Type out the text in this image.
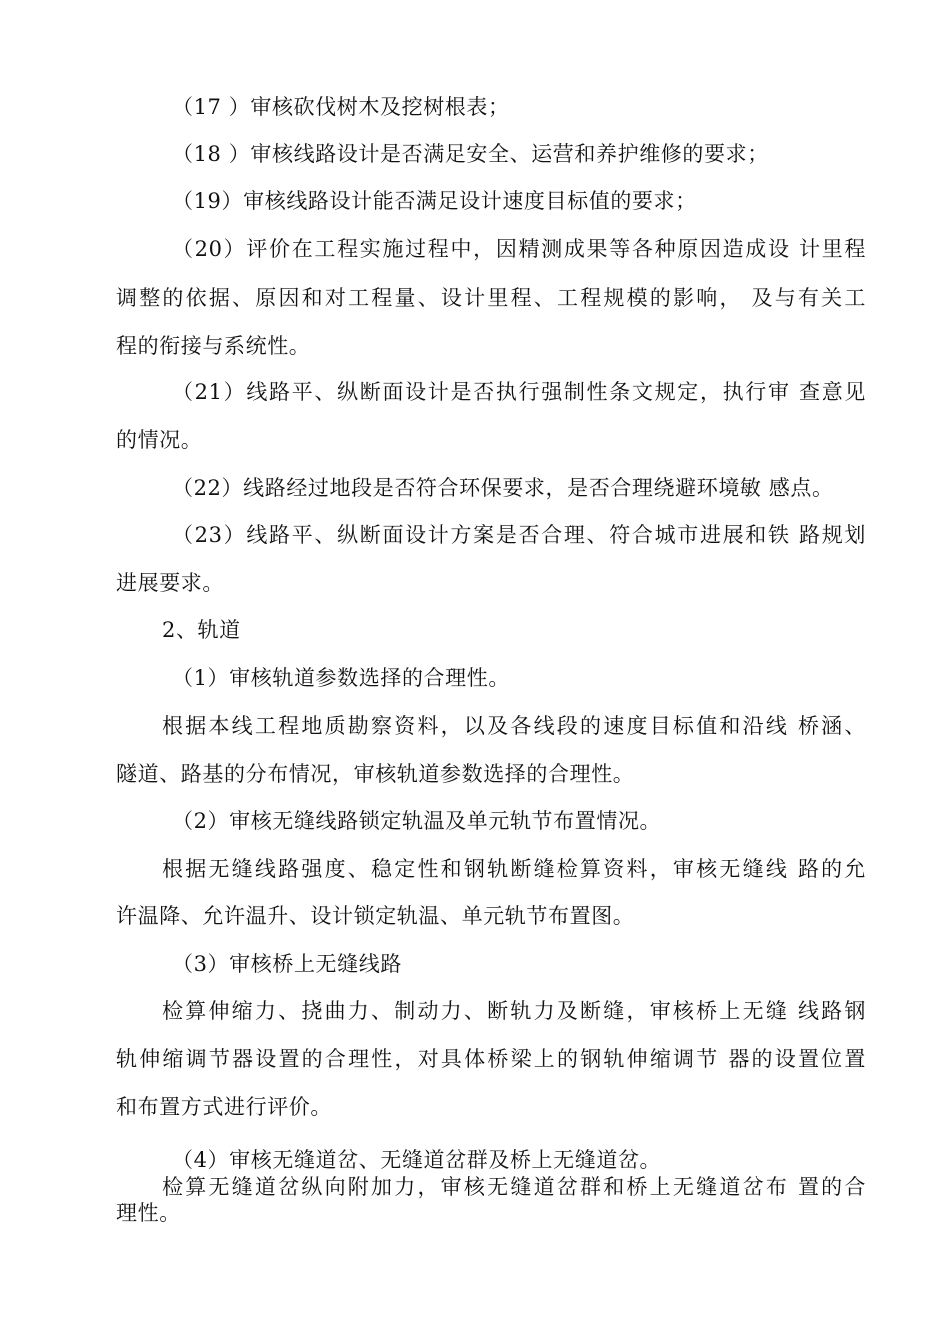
（17 ）审核砍伐树木及挖树根表；
（18 ）审核线路设计是否满足安全、运营和养护维修的要求；
（19）审核线路设计能否满足设计速度目标值的要求；
（20）评价在工程实施过程中，因精测成果等各种原因造成设 计里程
调整的依据、原因和对工程量、设计里程、工程规模的影响， 及与有关工
程的衔接与系统性。
（21）线路平、纵断面设计是否执行强制性条文规定，执行审 查意见
的情况。
（22）线路经过地段是否符合环保要求，是否合理绕避环境敏 感点。
（23）线路平、纵断面设计方案是否合理、符合城市进展和铁 路规划
进展要求。
2、轨道
（1）审核轨道参数选择的合理性。
根据本线工程地质勘察资料，以及各线段的速度目标值和沿线 桥涵、
隧道、路基的分布情况，审核轨道参数选择的合理性。
（2）审核无缝线路锁定轨温及单元轨节布置情况。
根据无缝线路强度、稳定性和钢轨断缝检算资料，审核无缝线 路的允
许温降、允许温升、设计锁定轨温、单元轨节布置图。
（3）审核桥上无缝线路
检算伸缩力、挠曲力、制动力、断轨力及断缝，审核桥上无缝 线路钢
轨伸缩调节器设置的合理性，对具体桥梁上的钢轨伸缩调节 器的设置位置
和布置方式进行评价。
（4）审核无缝道岔、无缝道岔群及桥上无缝道岔。
检算无缝道岔纵向附加力，审核无缝道岔群和桥上无缝道岔布 置的合
理性。
